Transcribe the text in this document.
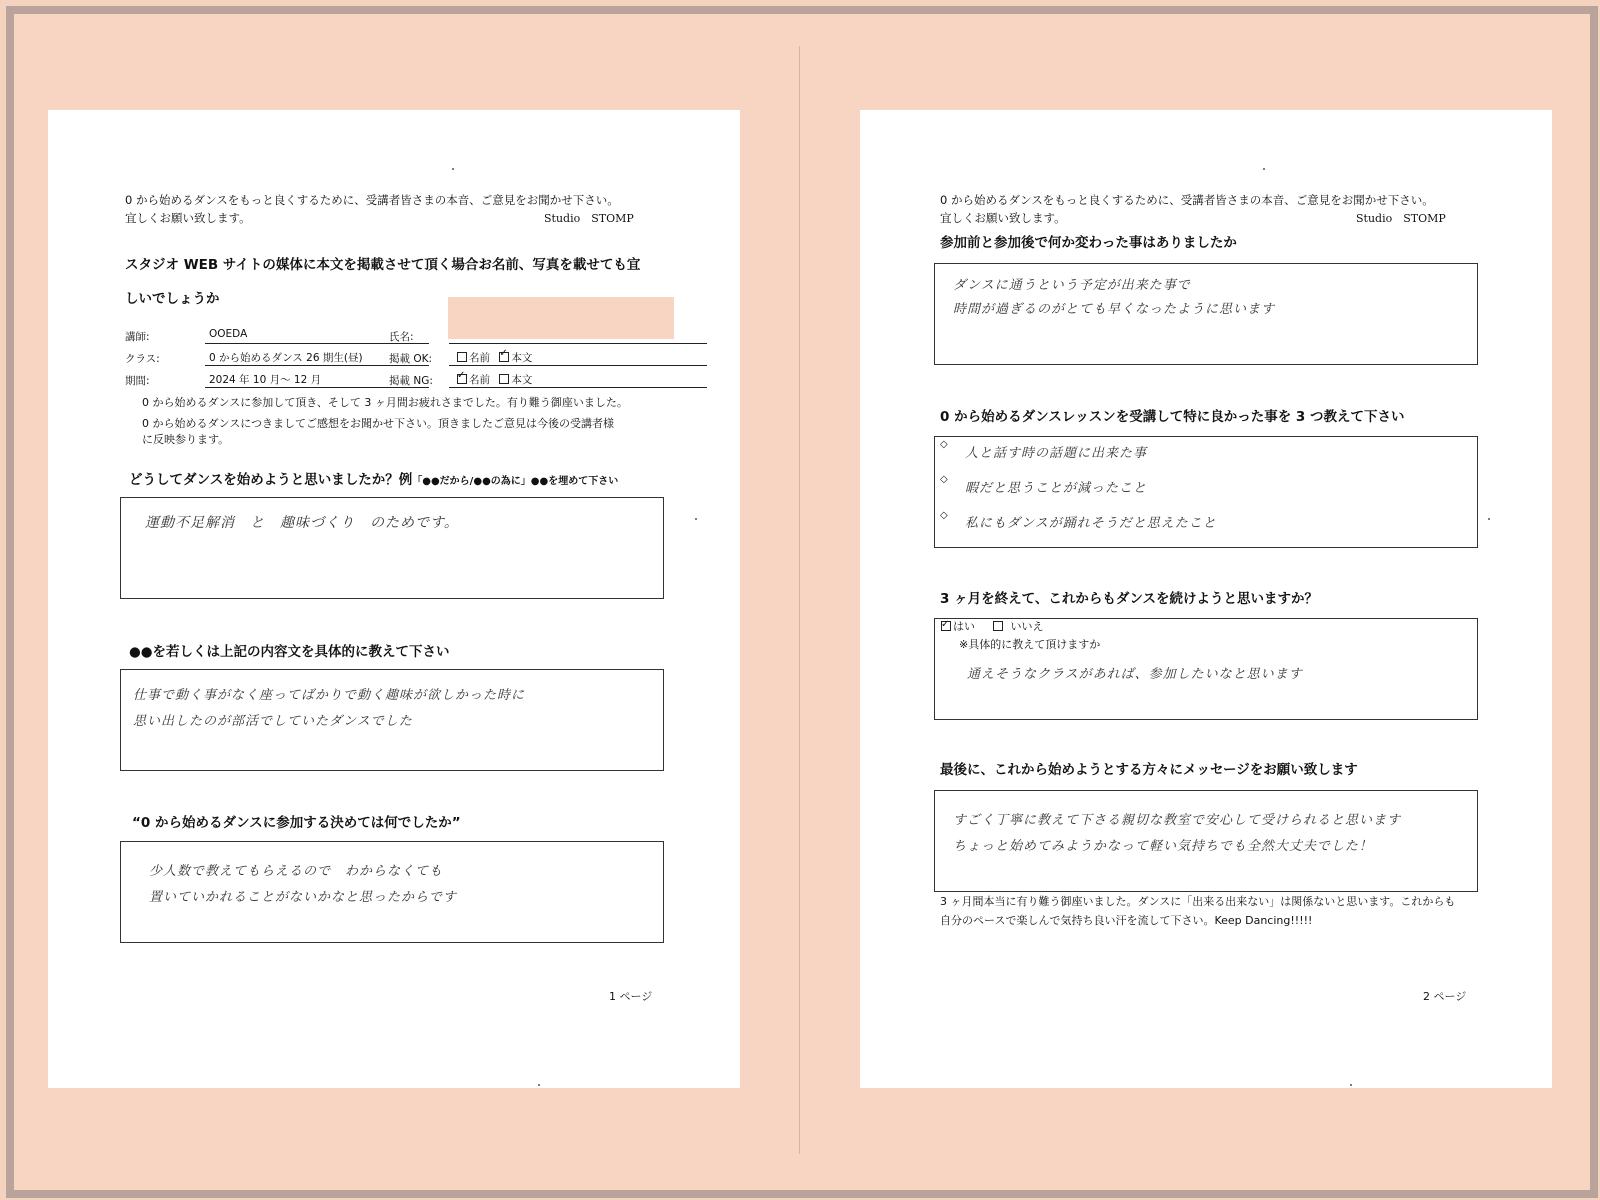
0 から始めるダンスをもっと良くするために、受講者皆さまの本音、ご意見をお聞かせ下さい。
宜しくお願い致します。	Studio　STOMP
スタジオ WEB サイトの媒体に本文を掲載させて頂く場合お名前、写真を載せても宜
しいでしょうか
講師:	OOEDA	氏名:
クラス:	0 から始めるダンス 26 期生(昼)	掲載 OK:	名前 ✓ 本文
期間:	2024 年 10 月～ 12 月	掲載 NG: ✓	名前 本文
0 から始めるダンスに参加して頂き、そして 3 ヶ月間お疲れさまでした。有り難う御座いました。
0 から始めるダンスにつきましてご感想をお聞かせ下さい。頂きましたご意見は今後の受講者様
に反映参ります。
どうしてダンスを始めようと思いましたか？例「●●だから/●●の為に」●●を埋めて下さい
運動不足解消　と　趣味づくり　のためです。
●●を若しくは上記の内容文を具体的に教えて下さい
仕事で動く事がなく座ってばかりで動く趣味が欲しかった時に
思い出したのが部活でしていたダンスでした
“0 から始めるダンスに参加する決めては何でしたか”
少人数で教えてもらえるので　わからなくても
置いていかれることがないかなと思ったからです
1 ページ
0 から始めるダンスをもっと良くするために、受講者皆さまの本音、ご意見をお聞かせ下さい。
宜しくお願い致します。	Studio　STOMP
参加前と参加後で何か変わった事はありましたか
ダンスに通うという予定が出来た事で
時間が過ぎるのがとても早くなったように思います
0 から始めるダンスレッスンを受講して特に良かった事を 3 つ教えて下さい
◇
人と話す時の話題に出来た事
◇
暇だと思うことが減ったこと
◇
私にもダンスが踊れそうだと思えたこと
3 ヶ月を終えて、これからもダンスを続けようと思いますか？
✓はい	いいえ
※具体的に教えて頂けますか
通えそうなクラスがあれば、参加したいなと思います
最後に、これから始めようとする方々にメッセージをお願い致します
すごく丁寧に教えて下さる親切な教室で安心して受けられると思います
ちょっと始めてみようかなって軽い気持ちでも全然大丈夫でした！
3 ヶ月間本当に有り難う御座いました。ダンスに「出来る出来ない」は関係ないと思います。これからも
自分のペースで楽しんで気持ち良い汗を流して下さい。Keep Dancing!!!!!
2 ページ
